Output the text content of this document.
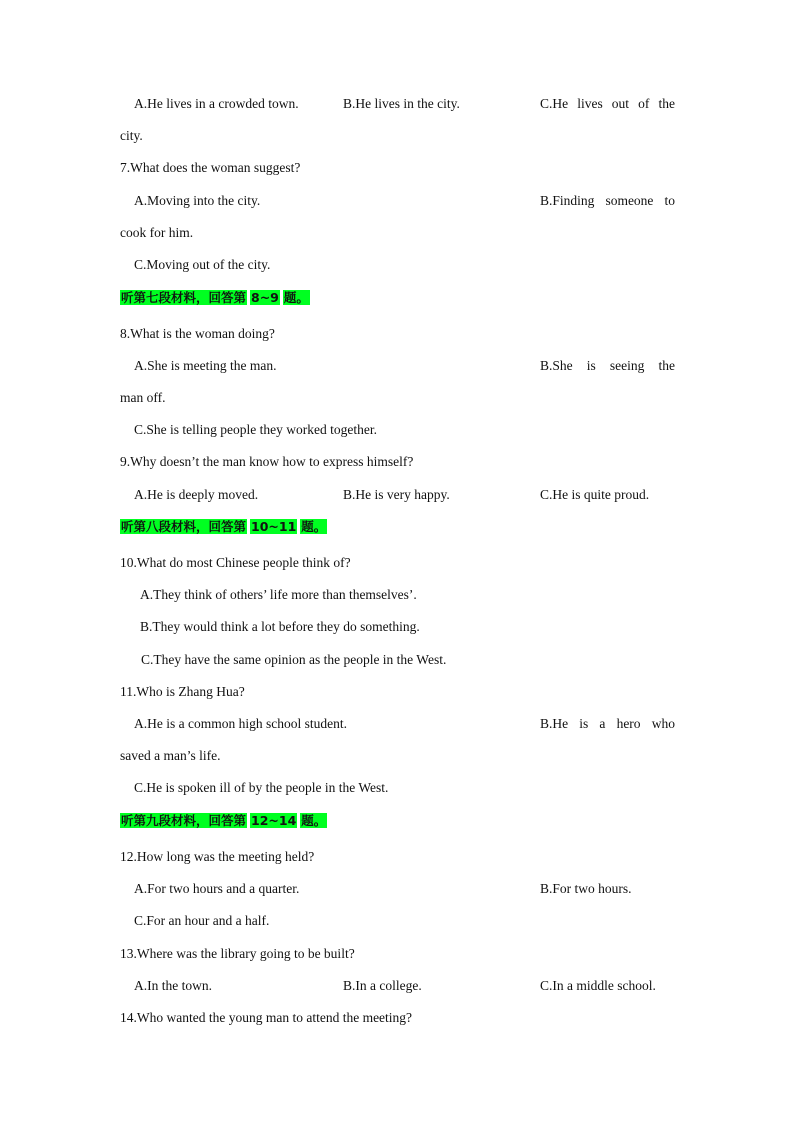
A.He lives in a crowded town.	B.He lives in the city.	C.He lives out of the
city.
7.What does the woman suggest?
A.Moving into the city.	B.Finding someone to
cook for him.
C.Moving out of the city.
听第七段材料，回答第 8~9 题。
8.What is the woman doing?
A.She is meeting the man.	B.She is seeing the
man off.
C.She is telling people they worked together.
9.Why doesn’t the man know how to express himself?
A.He is deeply moved.	B.He is very happy.	C.He is quite proud.
听第八段材料，回答第 10~11 题。
10.What do most Chinese people think of?
A.They think of others’ life more than themselves’.
B.They would think a lot before they do something.
C.They have the same opinion as the people in the West.
11.Who is Zhang Hua?
A.He is a common high school student.	B.He is a hero who
saved a man’s life.
C.He is spoken ill of by the people in the West.
听第九段材料，回答第 12~14 题。
12.How long was the meeting held?
A.For two hours and a quarter.	B.For two hours.
C.For an hour and a half.
13.Where was the library going to be built?
A.In the town.	B.In a college.	C.In a middle school.
14.Who wanted the young man to attend the meeting?
